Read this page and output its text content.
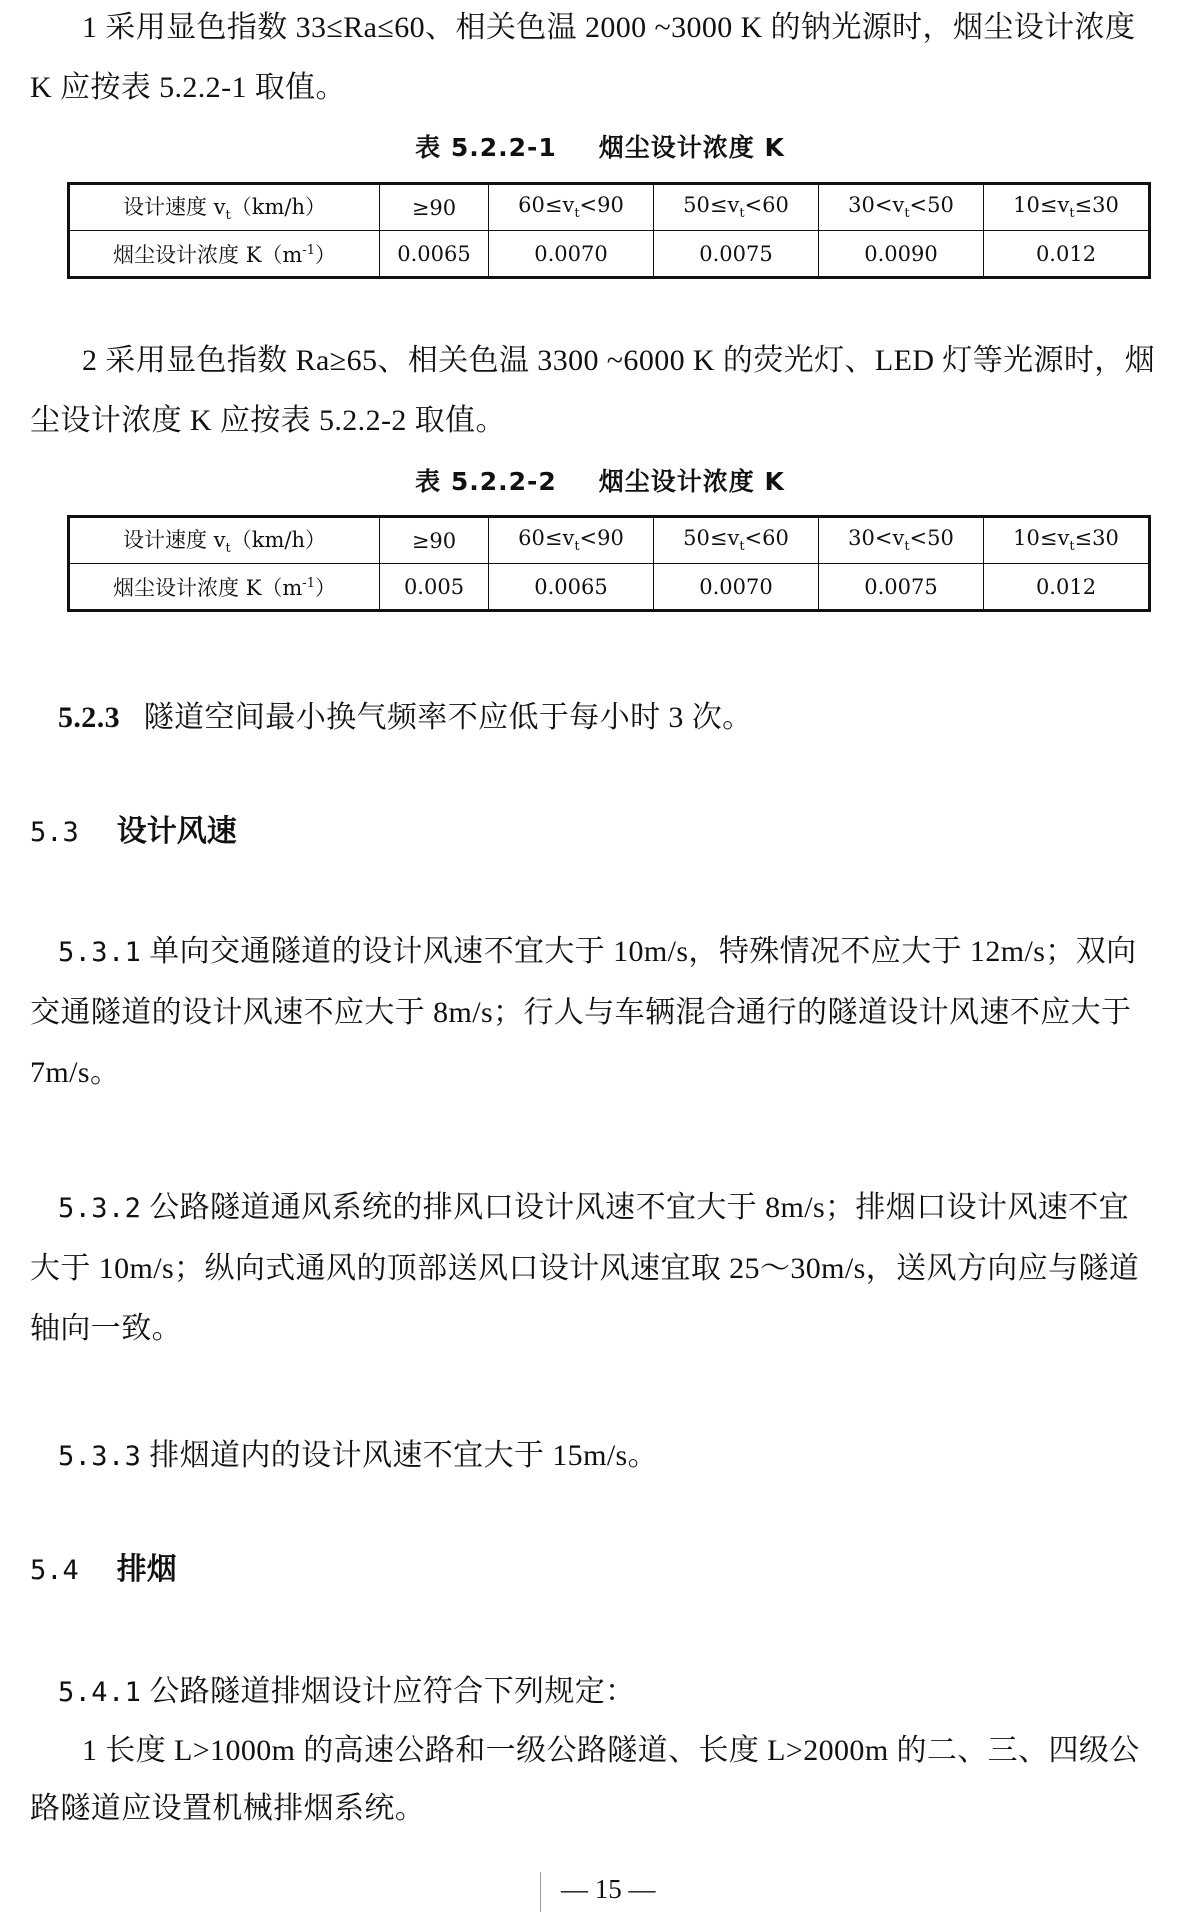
1 采用显色指数 33≤Ra≤60、相关色温 2000 ~3000 K 的钠光源时，烟尘设计浓度
K 应按表 5.2.2-1 取值。
表 5.2.2-1 烟尘设计浓度 K
设计速度 $v_t(km/h)$	≥90	$60\le v_t<90$	$50\le v_t<60$	$30<v_t<50$	$10\le v_t\le 30$
烟尘设计浓度 $K(m^{-1})$	0.0065	0.0070	0.0075	0.0090	0.012
2 采用显色指数 Ra≥65、相关色温 3300 ~6000 K 的荧光灯、LED 灯等光源时，烟
尘设计浓度 K 应按表 5.2.2-2 取值。
表 5.2.2-2 烟尘设计浓度 K
设计速度 $v_t(km/h)$	≥90	$60\le v_t<90$	$50\le v_t<60$	$30<v_t<50$	$10\le v_t\le 30$
烟尘设计浓度 $K(m^{-1})$	0.005	0.0065	0.0070	0.0075	0.012
5.2.3 隧道空间最小换气频率不应低于每小时 3 次。
5.3 设计风速
5.3.1 单向交通隧道的设计风速不宜大于 10m/s，特殊情况不应大于 12m/s；双向
交通隧道的设计风速不应大于 8m/s；行人与车辆混合通行的隧道设计风速不应大于
7m/s。
5.3.2 公路隧道通风系统的排风口设计风速不宜大于 8m/s；排烟口设计风速不宜
大于 10m/s；纵向式通风的顶部送风口设计风速宜取 25～30m/s，送风方向应与隧道
轴向一致。
5.3.3 排烟道内的设计风速不宜大于 15m/s。
5.4 排烟
5.4.1 公路隧道排烟设计应符合下列规定：
1 长度 L>1000m 的高速公路和一级公路隧道、长度 L>2000m 的二、三、四级公
路隧道应设置机械排烟系统。
— 15 —
